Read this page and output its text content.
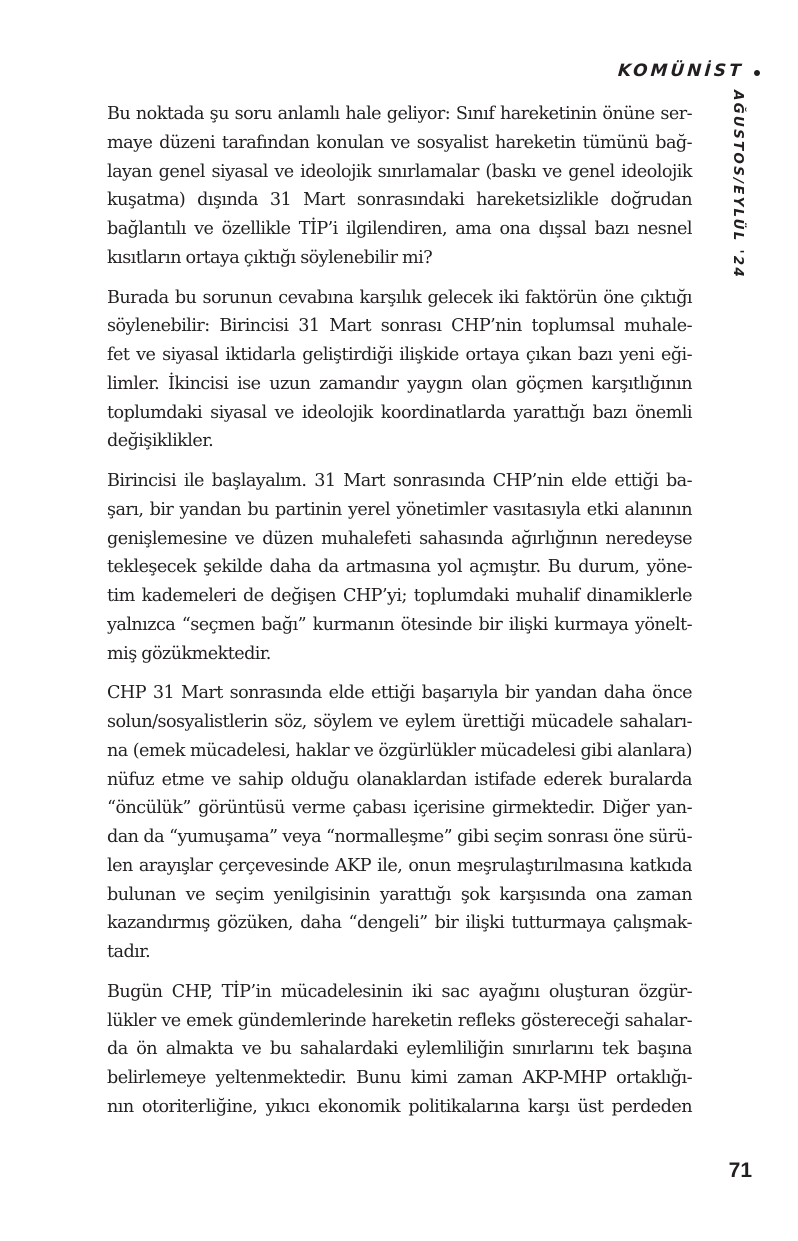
KOMÜNİST
AĞUSTOS/EYLÜL '24

Bu noktada şu soru anlamlı hale geliyor: Sınıf hareketinin önüne ser-
maye düzeni tarafından konulan ve sosyalist hareketin tümünü bağ-
layan genel siyasal ve ideolojik sınırlamalar (baskı ve genel ideolojik
kuşatma) dışında 31 Mart sonrasındaki hareketsizlikle doğrudan
bağlantılı ve özellikle TİP’i ilgilendiren, ama ona dışsal bazı nesnel
kısıtların ortaya çıktığı söylenebilir mi?

Burada bu sorunun cevabına karşılık gelecek iki faktörün öne çıktığı
söylenebilir: Birincisi 31 Mart sonrası CHP’nin toplumsal muhale-
fet ve siyasal iktidarla geliştirdiği ilişkide ortaya çıkan bazı yeni eği-
limler. İkincisi ise uzun zamandır yaygın olan göçmen karşıtlığının
toplumdaki siyasal ve ideolojik koordinatlarda yarattığı bazı önemli
değişiklikler.

Birincisi ile başlayalım. 31 Mart sonrasında CHP’nin elde ettiği ba-
şarı, bir yandan bu partinin yerel yönetimler vasıtasıyla etki alanının
genişlemesine ve düzen muhalefeti sahasında ağırlığının neredeyse
tekleşecek şekilde daha da artmasına yol açmıştır. Bu durum, yöne-
tim kademeleri de değişen CHP’yi; toplumdaki muhalif dinamiklerle
yalnızca “seçmen bağı” kurmanın ötesinde bir ilişki kurmaya yönelt-
miş gözükmektedir.

CHP 31 Mart sonrasında elde ettiği başarıyla bir yandan daha önce
solun/sosyalistlerin söz, söylem ve eylem ürettiği mücadele sahaları-
na (emek mücadelesi, haklar ve özgürlükler mücadelesi gibi alanlara)
nüfuz etme ve sahip olduğu olanaklardan istifade ederek buralarda
“öncülük” görüntüsü verme çabası içerisine girmektedir. Diğer yan-
dan da “yumuşama” veya “normalleşme” gibi seçim sonrası öne sürü-
len arayışlar çerçevesinde AKP ile, onun meşrulaştırılmasına katkıda
bulunan ve seçim yenilgisinin yarattığı şok karşısında ona zaman
kazandırmış gözüken, daha “dengeli” bir ilişki tutturmaya çalışmak-
tadır.

Bugün CHP, TİP’in mücadelesinin iki sac ayağını oluşturan özgür-
lükler ve emek gündemlerinde hareketin refleks göstereceği sahalar-
da ön almakta ve bu sahalardaki eylemliliğin sınırlarını tek başına
belirlemeye yeltenmektedir. Bunu kimi zaman AKP-MHP ortaklığı-
nın otoriterliğine, yıkıcı ekonomik politikalarına karşı üst perdeden

71
